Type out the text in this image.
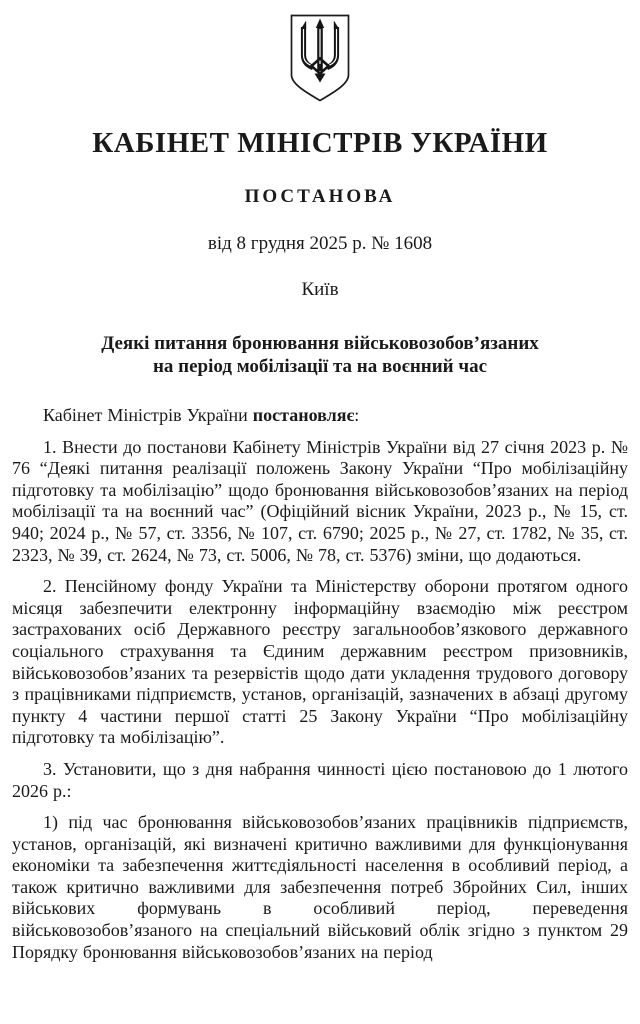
КАБІНЕТ МІНІСТРІВ УКРАЇНИ
ПОСТАНОВА
від 8 грудня 2025 р. № 1608
Київ
Деякі питання бронювання військовозобов’язаних
на період мобілізації та на воєнний час

Кабінет Міністрів України постановляє:

1. Внести до постанови Кабінету Міністрів України від 27 січня 2023 р. № 76 “Деякі питання реалізації положень Закону України “Про мобілізаційну підготовку та мобілізацію” щодо бронювання військовозобов’язаних на період мобілізації та на воєнний час” (Офіційний вісник України, 2023 р., № 15, ст. 940; 2024 р., № 57, ст. 3356, № 107, ст. 6790; 2025 р., № 27, ст. 1782, № 35, ст. 2323, № 39, ст. 2624, № 73, ст. 5006, № 78, ст. 5376) зміни, що додаються.

2. Пенсійному фонду України та Міністерству оборони протягом одного місяця забезпечити електронну інформаційну взаємодію між реєстром застрахованих осіб Державного реєстру загальнообов’язкового державного соціального страхування та Єдиним державним реєстром призовників, військовозобов’язаних та резервістів щодо дати укладення трудового договору з працівниками підприємств, установ, організацій, зазначених в абзаці другому пункту 4 частини першої статті 25 Закону України “Про мобілізаційну підготовку та мобілізацію”.

3. Установити, що з дня набрання чинності цією постановою до 1 лютого 2026 р.:

1) під час бронювання військовозобов’язаних працівників підприємств, установ, організацій, які визначені критично важливими для функціонування економіки та забезпечення життєдіяльності населення в особливий період, а також критично важливими для забезпечення потреб Збройних Сил, інших військових формувань в особливий період, переведення військовозобов’язаного на спеціальний військовий облік згідно з пунктом 29 Порядку бронювання військовозобов’язаних на період
